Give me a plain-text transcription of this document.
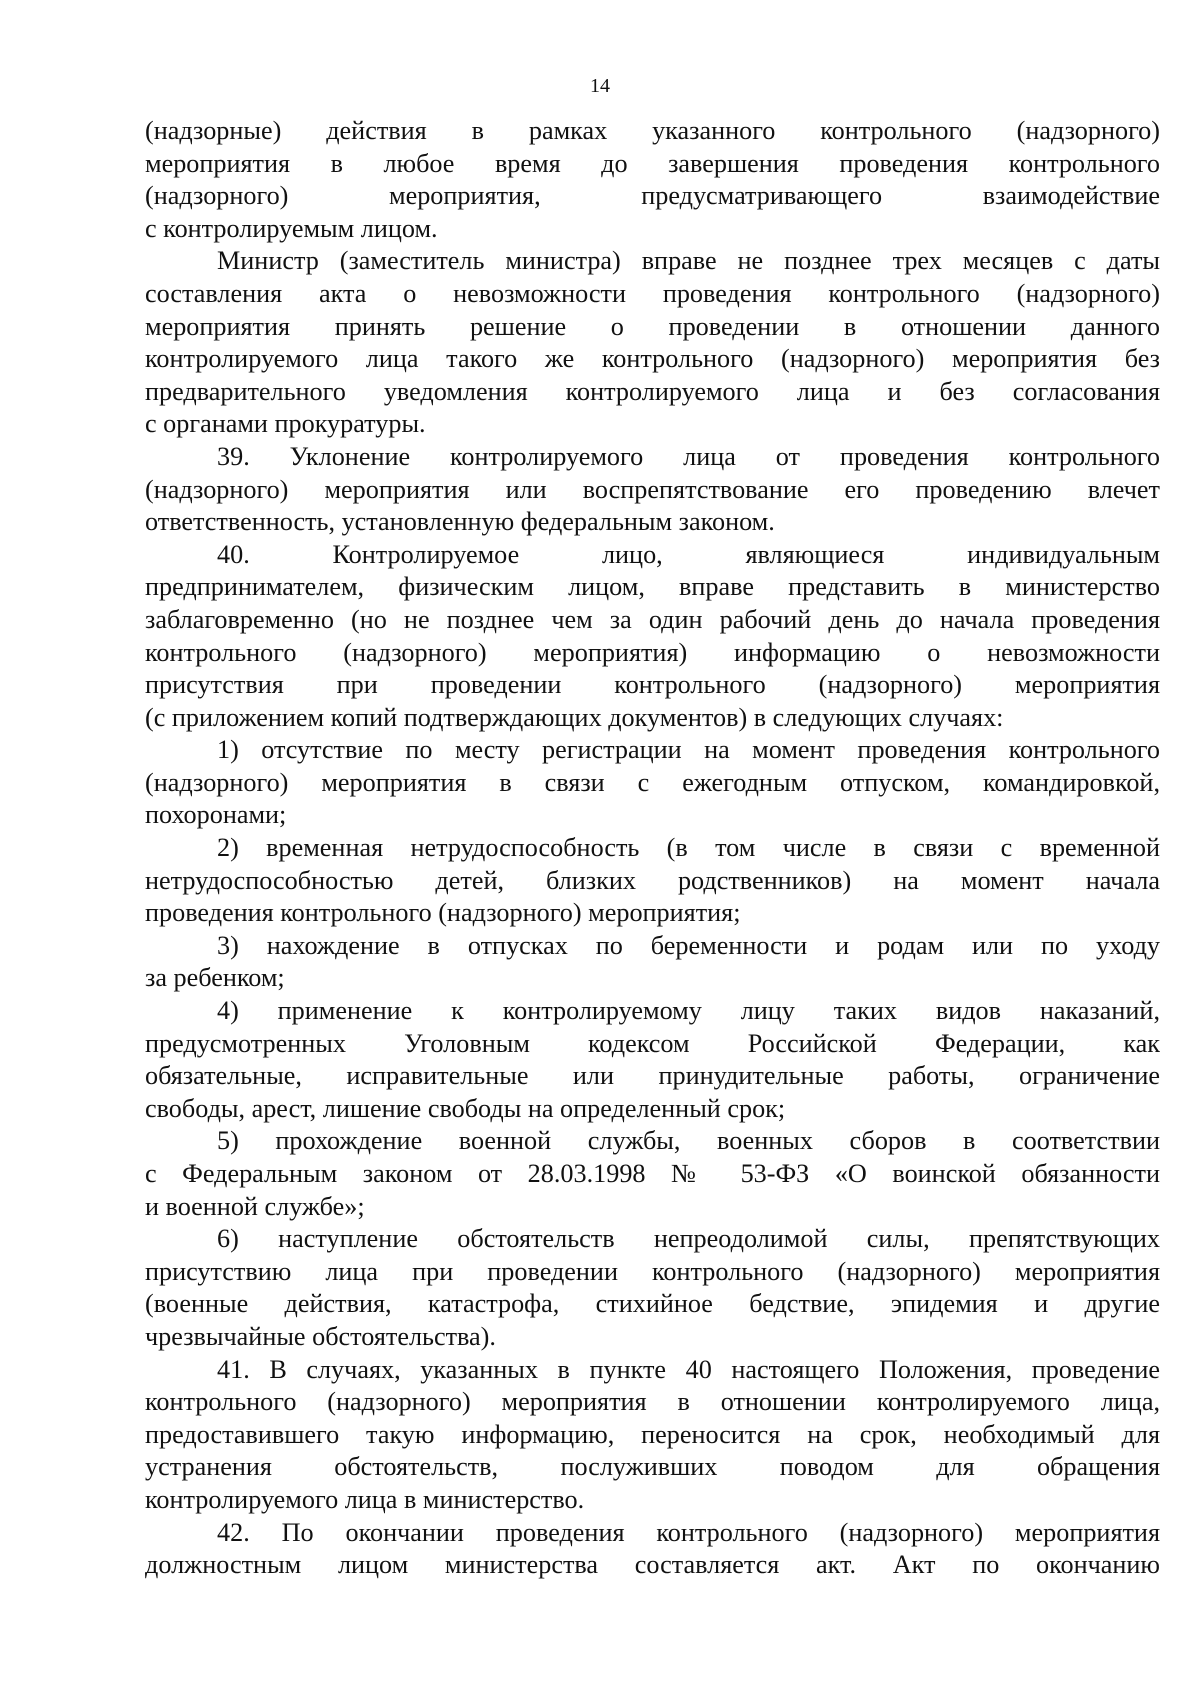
14
(надзорные) действия в рамках указанного контрольного (надзорного)
мероприятия в любое время до завершения проведения контрольного
(надзорного) мероприятия, предусматривающего взаимодействие
с контролируемым лицом.
Министр (заместитель министра) вправе не позднее трех месяцев с даты
составления акта о невозможности проведения контрольного (надзорного)
мероприятия принять решение о проведении в отношении данного
контролируемого лица такого же контрольного (надзорного) мероприятия без
предварительного уведомления контролируемого лица и без согласования
с органами прокуратуры.
39. Уклонение контролируемого лица от проведения контрольного
(надзорного) мероприятия или воспрепятствование его проведению влечет
ответственность, установленную федеральным законом.
40. Контролируемое лицо, являющиеся индивидуальным
предпринимателем, физическим лицом, вправе представить в министерство
заблаговременно (но не позднее чем за один рабочий день до начала проведения
контрольного (надзорного) мероприятия) информацию о невозможности
присутствия при проведении контрольного (надзорного) мероприятия
(с приложением копий подтверждающих документов) в следующих случаях:
1) отсутствие по месту регистрации на момент проведения контрольного
(надзорного) мероприятия в связи с ежегодным отпуском, командировкой,
похоронами;
2) временная нетрудоспособность (в том числе в связи с временной
нетрудоспособностью детей, близких родственников) на момент начала
проведения контрольного (надзорного) мероприятия;
3) нахождение в отпусках по беременности и родам или по уходу
за ребенком;
4) применение к контролируемому лицу таких видов наказаний,
предусмотренных Уголовным кодексом Российской Федерации, как
обязательные, исправительные или принудительные работы, ограничение
свободы, арест, лишение свободы на определенный срок;
5) прохождение военной службы, военных сборов в соответствии
с Федеральным законом от 28.03.1998 № 53-ФЗ «О воинской обязанности
и военной службе»;
6) наступление обстоятельств непреодолимой силы, препятствующих
присутствию лица при проведении контрольного (надзорного) мероприятия
(военные действия, катастрофа, стихийное бедствие, эпидемия и другие
чрезвычайные обстоятельства).
41. В случаях, указанных в пункте 40 настоящего Положения, проведение
контрольного (надзорного) мероприятия в отношении контролируемого лица,
предоставившего такую информацию, переносится на срок, необходимый для
устранения обстоятельств, послуживших поводом для обращения
контролируемого лица в министерство.
42. По окончании проведения контрольного (надзорного) мероприятия
должностным лицом министерства составляется акт. Акт по окончанию
